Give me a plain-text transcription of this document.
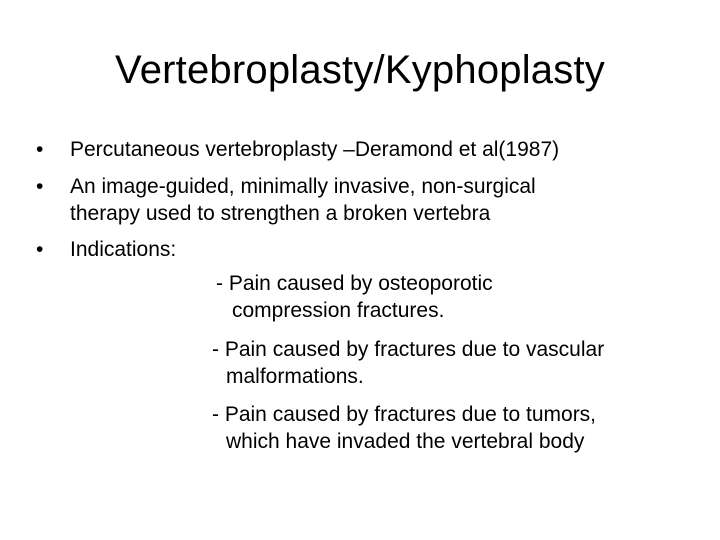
Vertebroplasty/Kyphoplasty
•	Percutaneous vertebroplasty –Deramond et al(1987)
•	An image-guided, minimally invasive, non-surgical
therapy used to strengthen a broken vertebra
•	Indications:
- Pain caused by osteoporotic
compression fractures.
- Pain caused by fractures due to vascular
malformations.
- Pain caused by fractures due to tumors,
which have invaded the vertebral body
